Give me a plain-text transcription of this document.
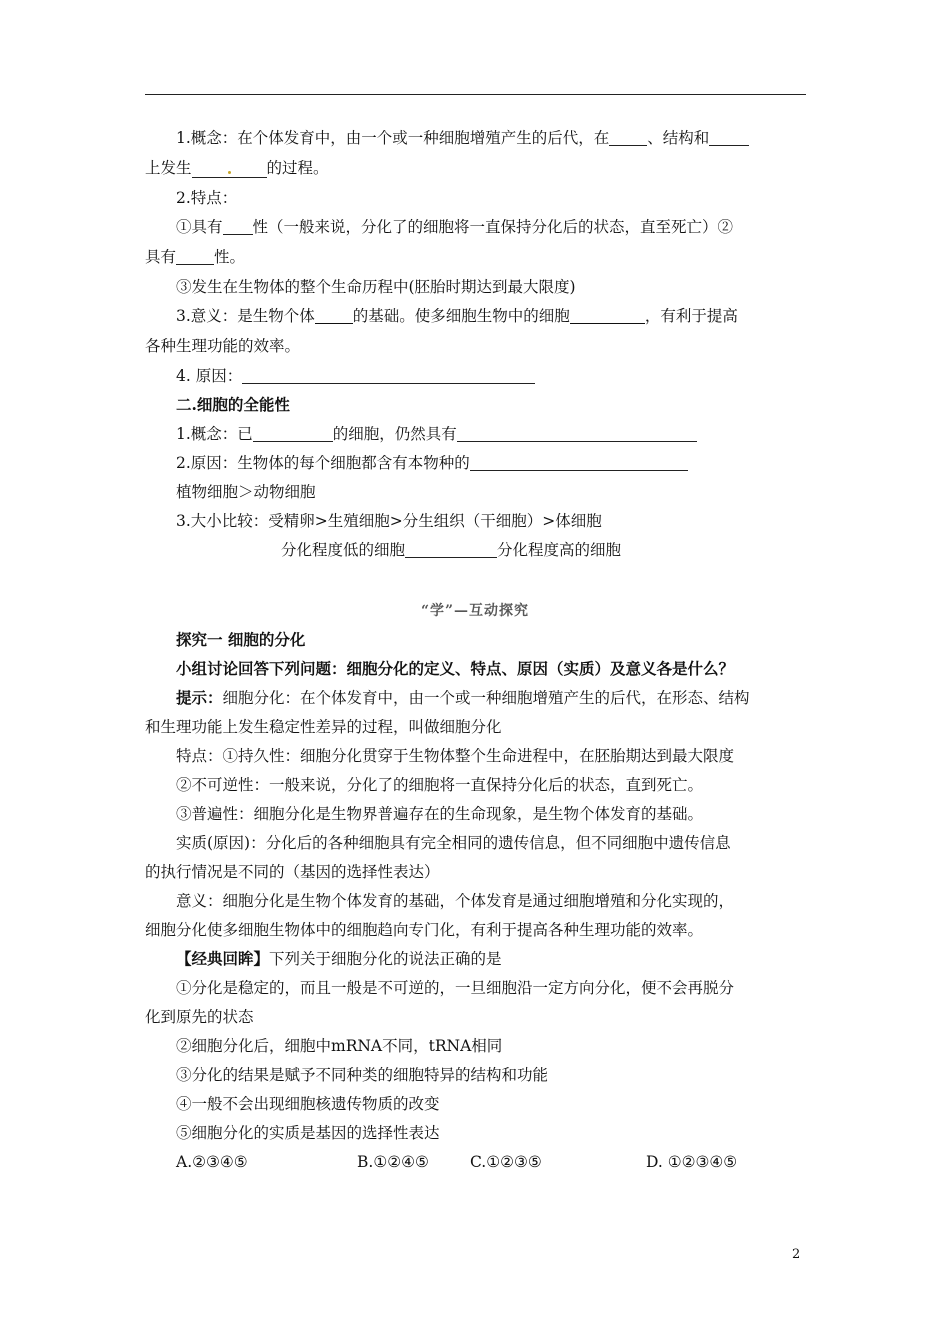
1.概念：在个体发育中，由一个或一种细胞增殖产生的后代，在 、结构和
上发生	的过程。
2.特点：
①具有 性（一般来说，分化了的细胞将一直保持分化后的状态，直至死亡）②
具有 性。
③发生在生物体的整个生命历程中(胚胎时期达到最大限度)
3.意义：是生物个体 的基础。使多细胞生物中的细胞	，有利于提高
各种生理功能的效率。
4. 原因：
二.细胞的全能性
1.概念：已	的细胞，仍然具有
2.原因：生物体的每个细胞都含有本物种的
植物细胞＞动物细胞
3.大小比较：受精卵>生殖细胞>分生组织（干细胞）>体细胞
分化程度低的细胞	分化程度高的细胞
“学”—互动探究
探究一 细胞的分化
小组讨论回答下列问题：细胞分化的定义、特点、原因（实质）及意义各是什么？
提示：细胞分化：在个体发育中，由一个或一种细胞增殖产生的后代，在形态、结构
和生理功能上发生稳定性差异的过程，叫做细胞分化
特点：①持久性：细胞分化贯穿于生物体整个生命进程中，在胚胎期达到最大限度
②不可逆性：一般来说，分化了的细胞将一直保持分化后的状态，直到死亡。
③普遍性：细胞分化是生物界普遍存在的生命现象，是生物个体发育的基础。
实质(原因)：分化后的各种细胞具有完全相同的遗传信息，但不同细胞中遗传信息
的执行情况是不同的（基因的选择性表达）
意义：细胞分化是生物个体发育的基础，个体发育是通过细胞增殖和分化实现的，
细胞分化使多细胞生物体中的细胞趋向专门化，有利于提高各种生理功能的效率。
【经典回眸】下列关于细胞分化的说法正确的是
①分化是稳定的，而且一般是不可逆的，一旦细胞沿一定方向分化，便不会再脱分
化到原先的状态
②细胞分化后，细胞中mRNA不同，tRNA相同
③分化的结果是赋予不同种类的细胞特异的结构和功能
④一般不会出现细胞核遗传物质的改变
⑤细胞分化的实质是基因的选择性表达
A.②③④⑤	B.①②④⑤	C.①②③⑤	D. ①②③④⑤
2
